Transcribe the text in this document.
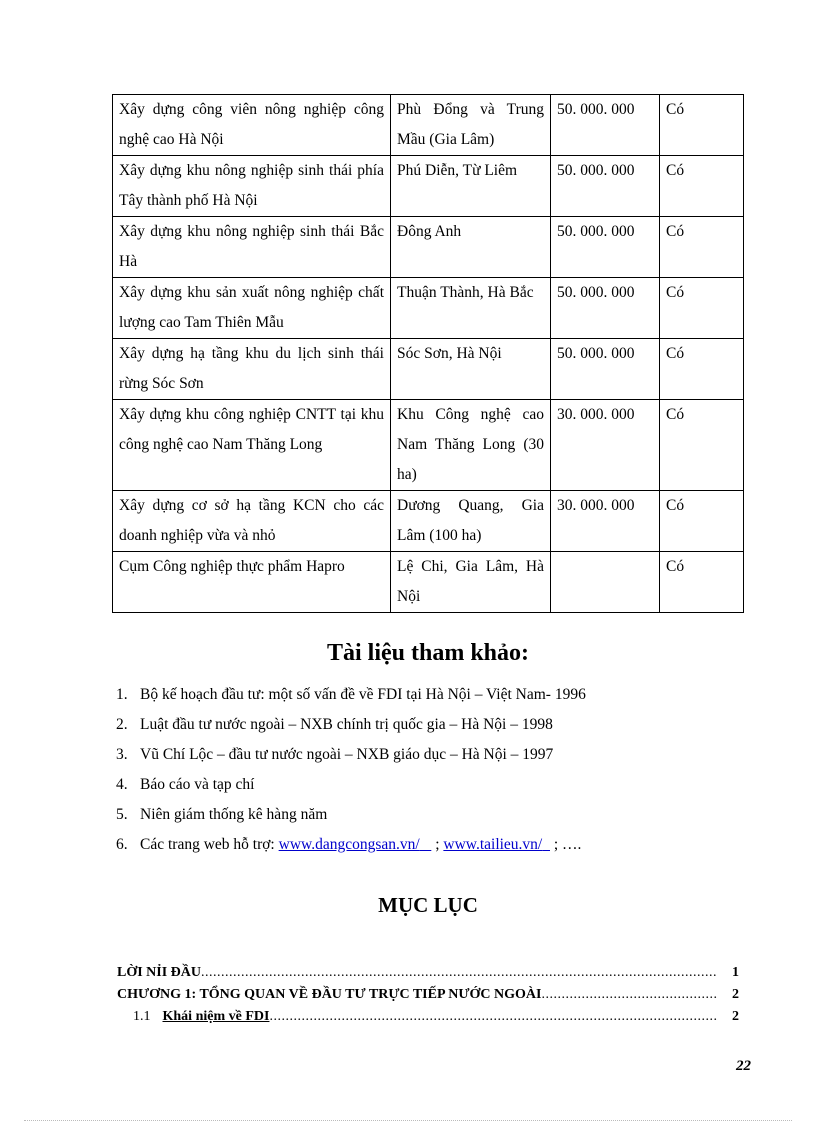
Xây dựng công viên nông nghiệp công nghệ cao Hà Nội	Phù Đổng và Trung Mầu (Gia Lâm)	50. 000. 000	Có
Xây dựng khu nông nghiệp sinh thái phía Tây thành phố Hà Nội	Phú Diễn, Từ Liêm	50. 000. 000	Có
Xây dựng khu nông nghiệp sinh thái Bắc Hà	Đông Anh	50. 000. 000	Có
Xây dựng khu sản xuất nông nghiệp chất lượng cao Tam Thiên Mẫu	Thuận Thành, Hà Bắc	50. 000. 000	Có
Xây dựng hạ tầng khu du lịch sinh thái rừng Sóc Sơn	Sóc Sơn, Hà Nội	50. 000. 000	Có
Xây dựng khu công nghiệp CNTT tại khu công nghệ cao Nam Thăng Long	Khu Công nghệ cao Nam Thăng Long (30 ha)	30. 000. 000	Có
Xây dựng cơ sở hạ tầng KCN cho các doanh nghiệp vừa và nhỏ	Dương Quang, Gia Lâm (100 ha)	30. 000. 000	Có
Cụm Công nghiệp thực phẩm Hapro	Lệ Chi, Gia Lâm, Hà Nội		Có
Tài liệu tham khảo:
1. Bộ kế hoạch đầu tư: một số vấn đề về FDI tại Hà Nội – Việt Nam- 1996
2. Luật đầu tư nước ngoài – NXB chính trị quốc gia – Hà Nội – 1998
3. Vũ Chí Lộc – đầu tư nước ngoài – NXB giáo dục – Hà Nội – 1997
4. Báo cáo và tạp chí
5. Niên giám thống kê hàng năm
6. Các trang web hỗ trợ: www.dangcongsan.vn/    ; www.tailieu.vn/   ; ….
MỤC LỤC
LỜI NỈI ĐẦU .....	1
CHƯƠNG 1: TỔNG QUAN VỀ ĐẦU TƯ TRỰC TIẾP NƯỚC NGOÀI .....	2
1.1 Khái niệm về FDI .....	2
22
